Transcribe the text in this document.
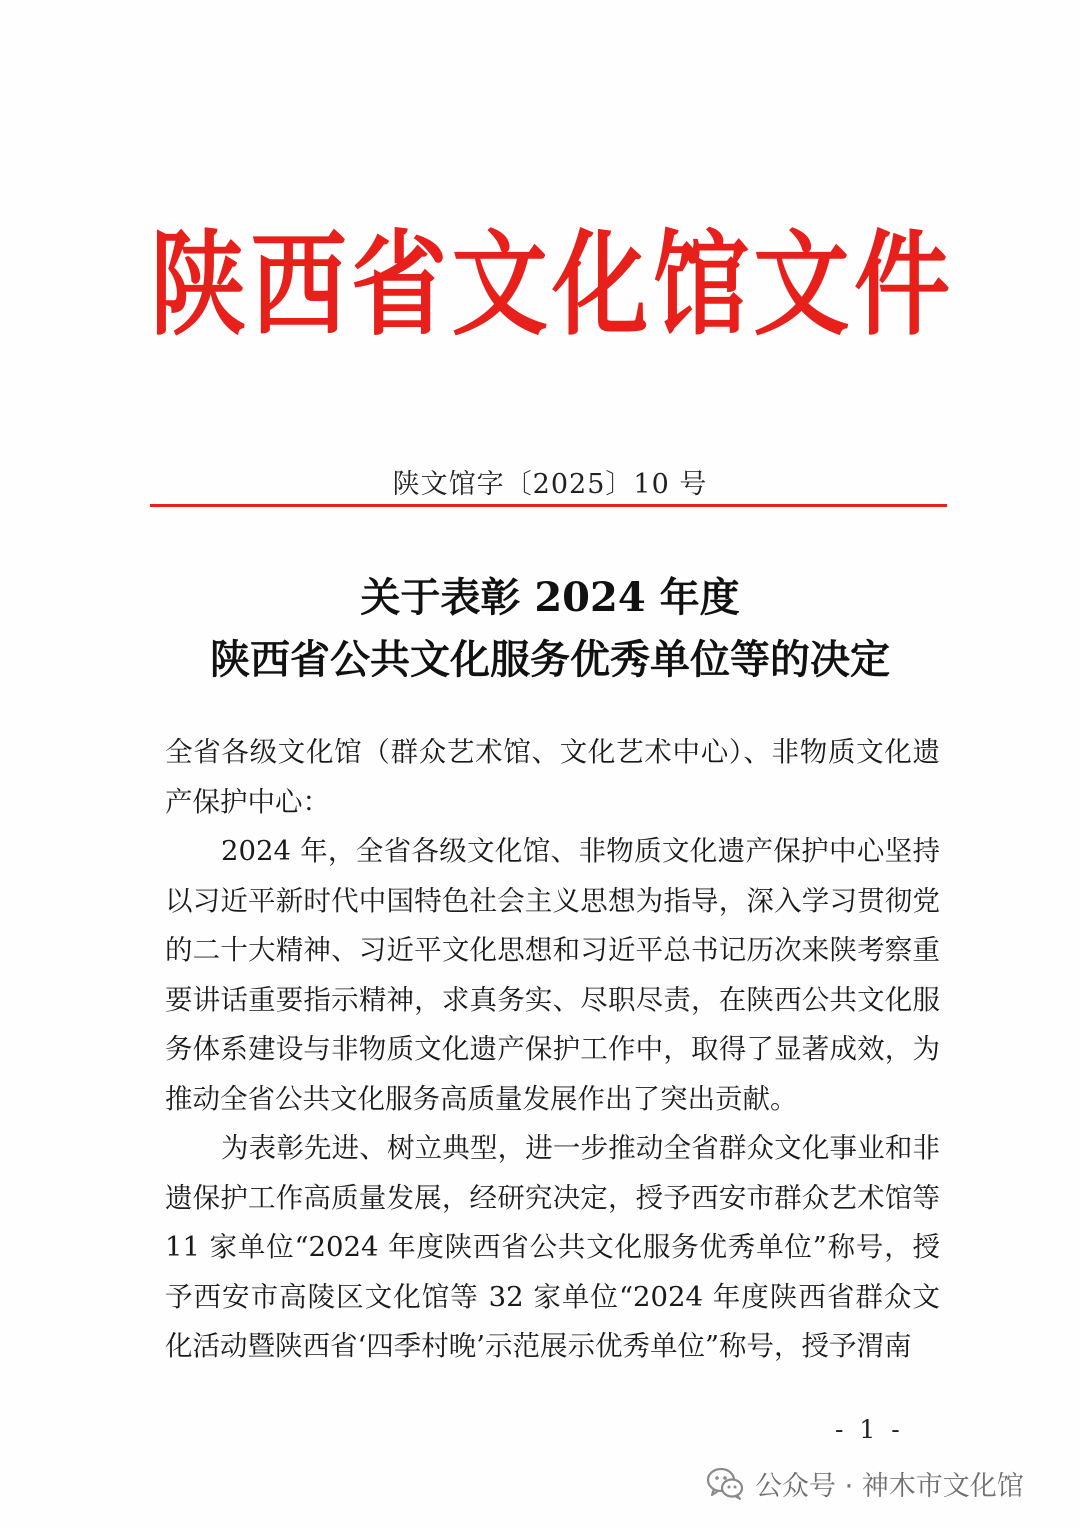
陕 西 省 文 化 馆 文 件
陕文馆字〔2025〕10 号
关于表彰 2024 年度
陕西省公共文化服务优秀单位等的决定

全省各级文化馆（群众艺术馆、文化艺术中心）、非物质文化遗产保护中心：

2024 年，全省各级文化馆、非物质文化遗产保护中心坚持以习近平新时代中国特色社会主义思想为指导，深入学习贯彻党的二十大精神、习近平文化思想和习近平总书记历次来陕考察重要讲话重要指示精神，求真务实、尽职尽责，在陕西公共文化服务体系建设与非物质文化遗产保护工作中，取得了显著成效，为推动全省公共文化服务高质量发展作出了突出贡献。

为表彰先进、树立典型，进一步推动全省群众文化事业和非遗保护工作高质量发展，经研究决定，授予西安市群众艺术馆等 11 家单位“2024 年度陕西省公共文化服务优秀单位”称号，授予西安市高陵区文化馆等 32 家单位“2024 年度陕西省群众文化活动暨陕西省‘四季村晚’示范展示优秀单位”称号，授予渭南

- 1 -
公众号 · 神木市文化馆
